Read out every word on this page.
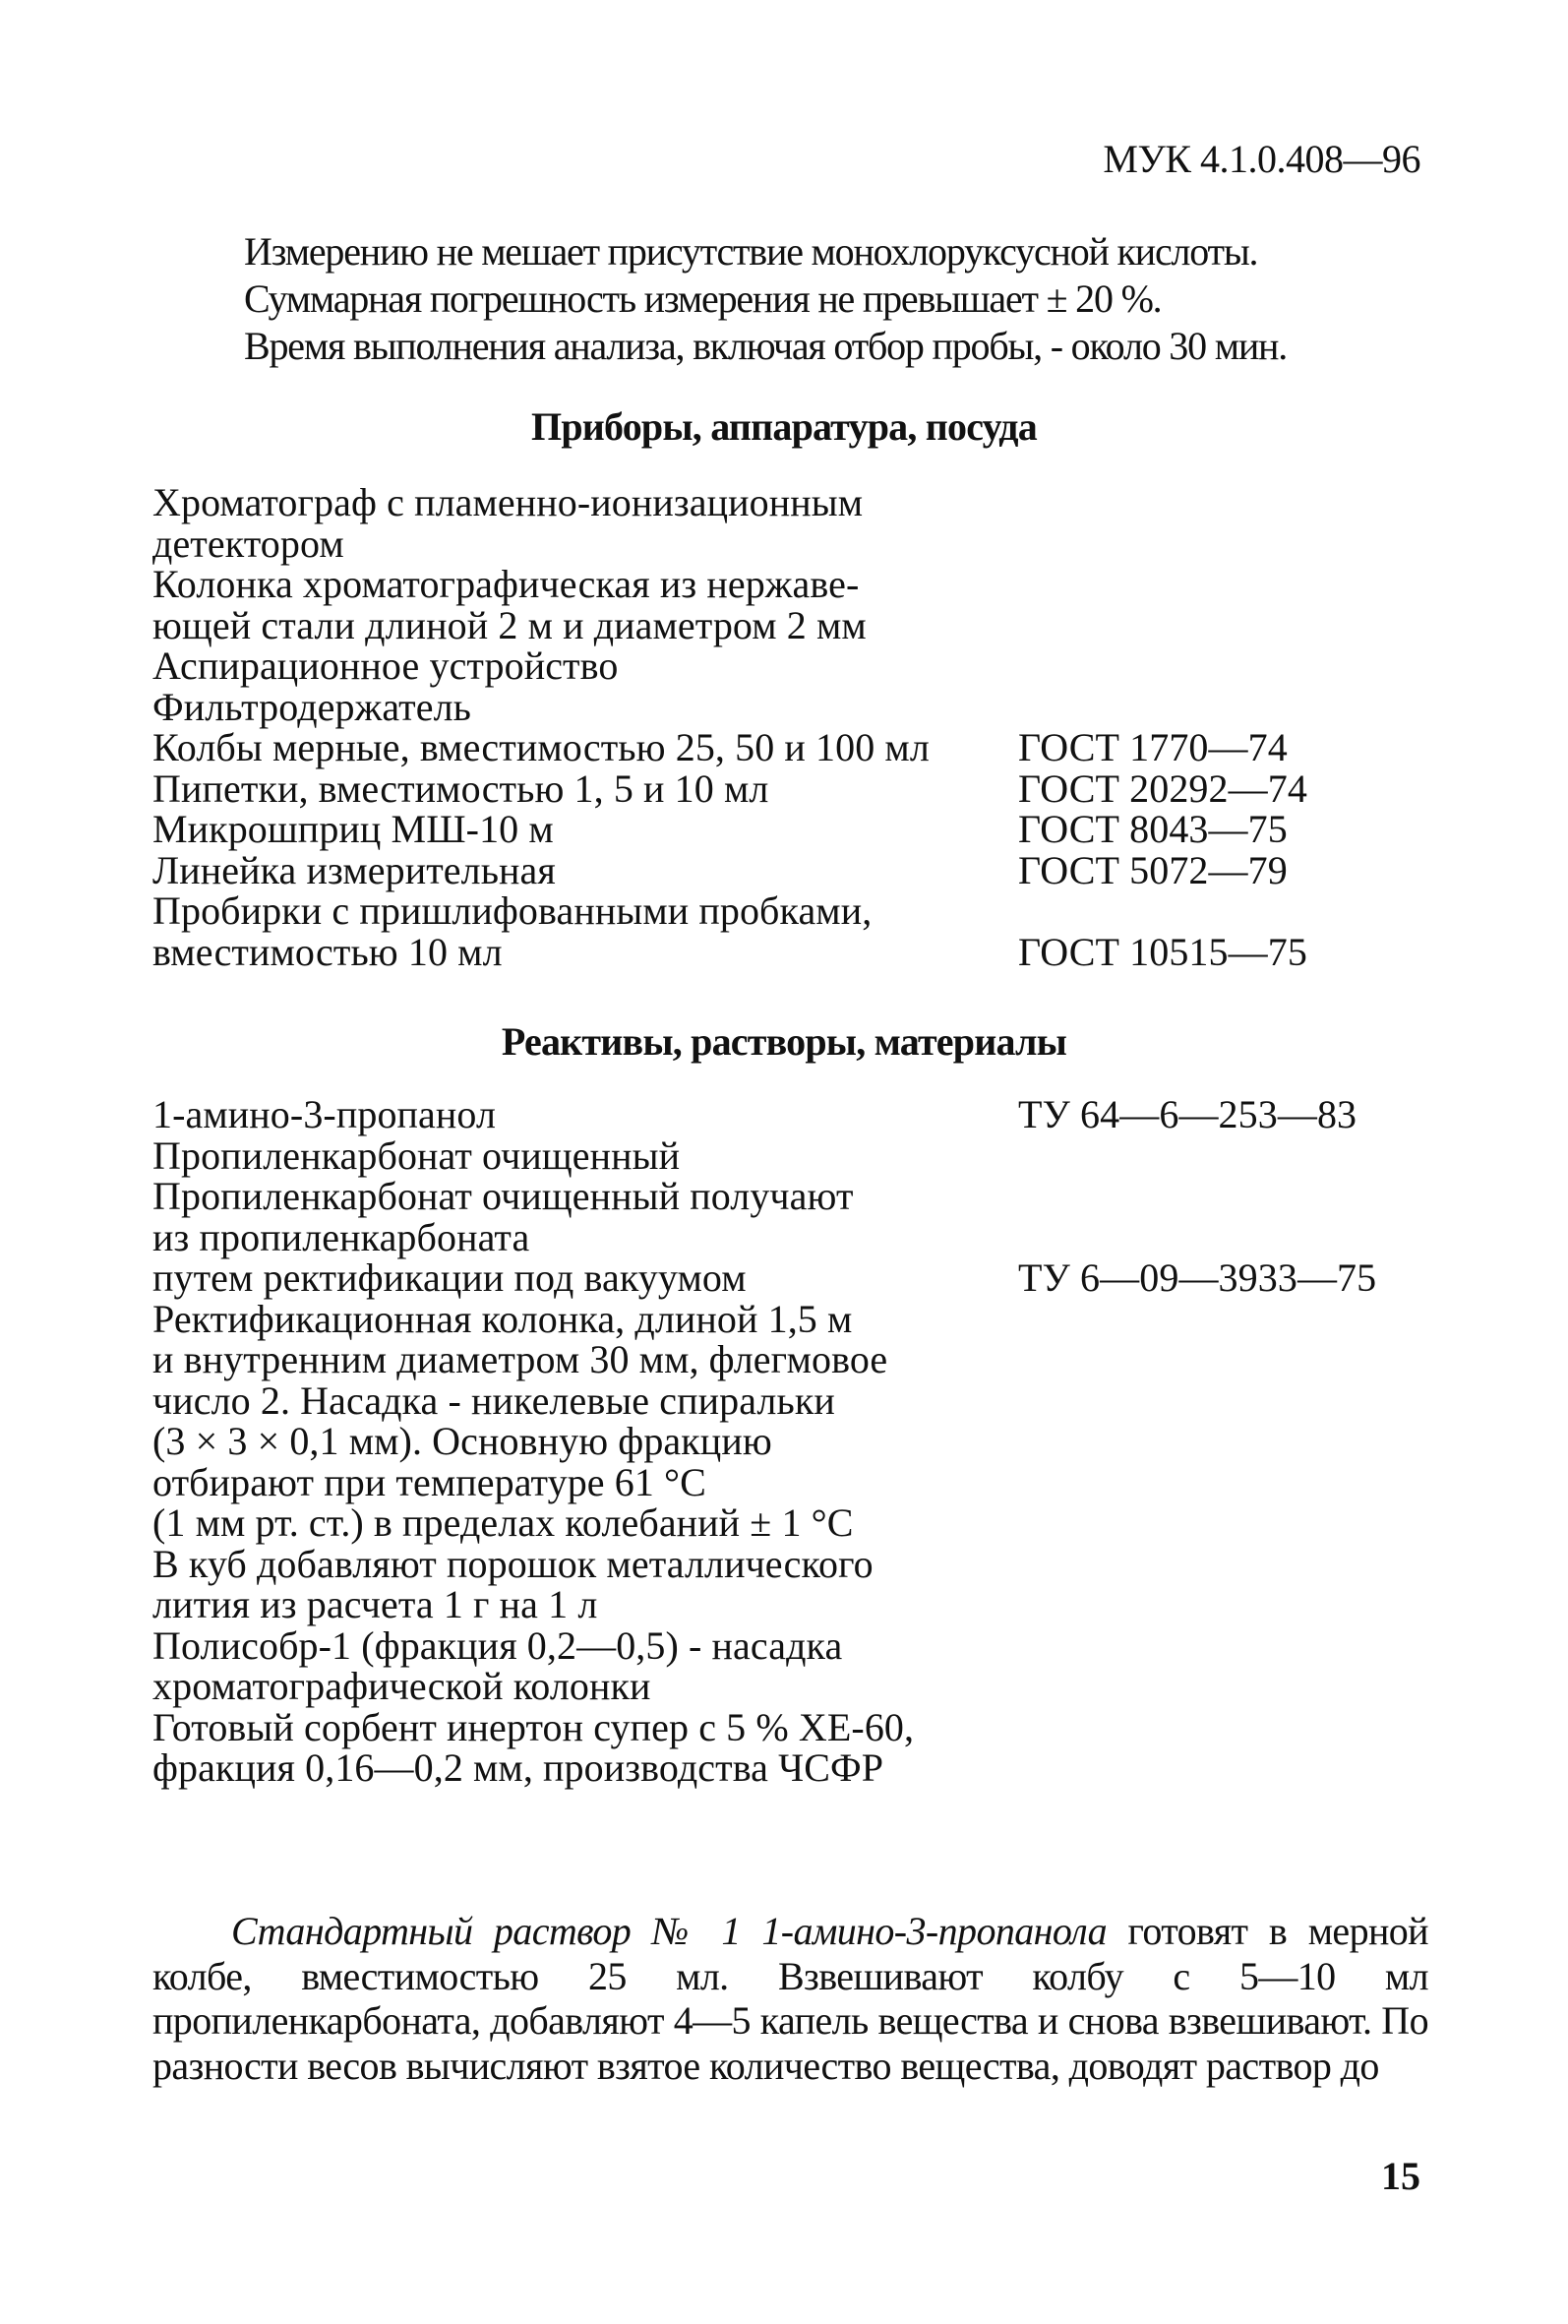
МУК 4.1.0.408—96

Измерению не мешает присутствие монохлоруксусной кислоты.

Суммарная погрешность измерения не превышает ± 20 %.

Время выполнения анализа, включая отбор пробы, - около 30 мин.

Приборы, аппаратура, посуда
Хроматограф с пламенно-ионизационным
детектором
Колонка хроматографическая из нержаве-
ющей стали длиной 2 м и диаметром 2 мм
Аспирационное устройство
Фильтродержатель
Колбы мерные, вместимостью 25, 50 и 100 мл	ГОСТ 1770—74
Пипетки, вместимостью 1, 5 и 10 мл	ГОСТ 20292—74
Микрошприц МШ-10 м	ГОСТ 8043—75
Линейка измерительная	ГОСТ 5072—79
Пробирки с пришлифованными пробками,
вместимостью 10 мл	ГОСТ 10515—75
Реактивы, растворы, материалы
1-амино-3-пропанол	ТУ 64—6—253—83
Пропиленкарбонат очищенный
Пропиленкарбонат очищенный получают
из пропиленкарбоната
путем ректификации под вакуумом	ТУ 6—09—3933—75
Ректификационная колонка, длиной 1,5 м
и внутренним диаметром 30 мм, флегмовое
число 2. Насадка - никелевые спиральки
(3 × 3 × 0,1 мм). Основную фракцию
отбирают при температуре 61 °С
(1 мм рт. ст.) в пределах колебаний ± 1 °С
В куб добавляют порошок металлического
лития из расчета 1 г на 1 л
Полисобр-1 (фракция 0,2—0,5) - насадка
хроматографической колонки
Готовый сорбент инертон супер с 5 % ХЕ-60,
фракция 0,16—0,2 мм, производства ЧСФР

Стандартный раствор № 1 1-амино-3-пропанола готовят в мерной колбе, вместимостью 25 мл. Взвешивают колбу с 5—10 мл пропиленкарбоната, добавляют 4—5 капель вещества и снова взвешивают. По разности весов вычисляют взятое количество вещества, доводят раствор до

15
